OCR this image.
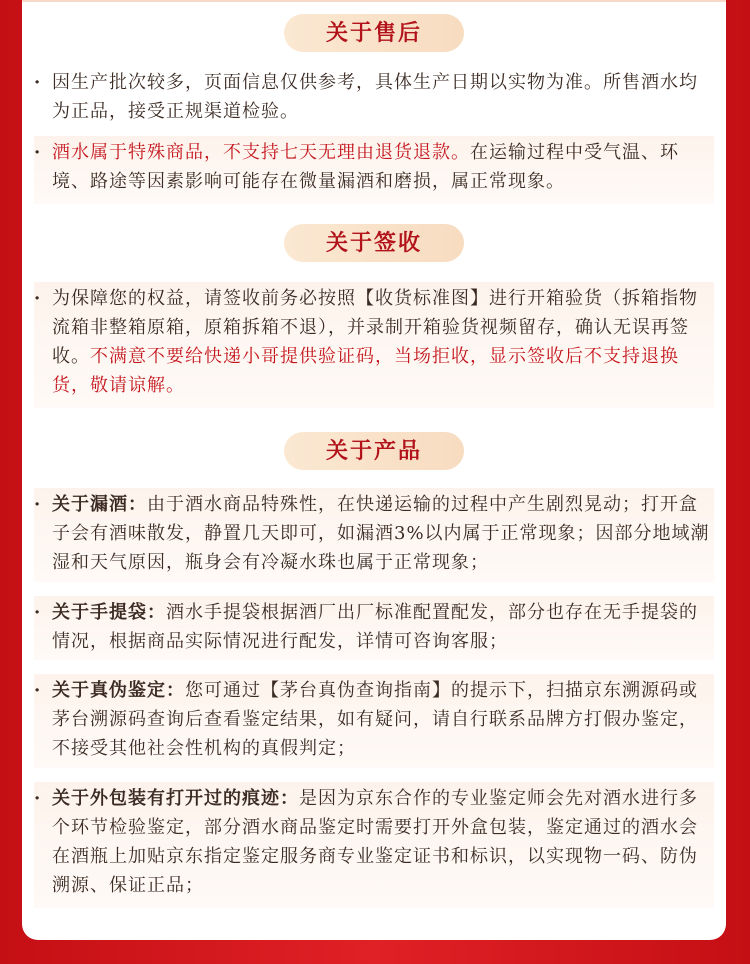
关于售后
· 因生产批次较多，页面信息仅供参考，具体生产日期以实物为准。所售酒水均为正品，接受正规渠道检验。
· 酒水属于特殊商品，不支持七天无理由退货退款。在运输过程中受气温、环境、路途等因素影响可能存在微量漏酒和磨损，属正常现象。
关于签收
· 为保障您的权益，请签收前务必按照【收货标准图】进行开箱验货（拆箱指物流箱非整箱原箱，原箱拆箱不退），并录制开箱验货视频留存，确认无误再签收。不满意不要给快递小哥提供验证码，当场拒收，显示签收后不支持退换货，敬请谅解。
关于产品
· 关于漏酒：由于酒水商品特殊性，在快递运输的过程中产生剧烈晃动；打开盒子会有酒味散发，静置几天即可，如漏酒3%以内属于正常现象；因部分地域潮湿和天气原因，瓶身会有冷凝水珠也属于正常现象；
· 关于手提袋：酒水手提袋根据酒厂出厂标准配置配发，部分也存在无手提袋的情况，根据商品实际情况进行配发，详情可咨询客服；
· 关于真伪鉴定：您可通过【茅台真伪查询指南】的提示下，扫描京东溯源码或茅台溯源码查询后查看鉴定结果，如有疑问，请自行联系品牌方打假办鉴定，不接受其他社会性机构的真假判定；
· 关于外包装有打开过的痕迹：是因为京东合作的专业鉴定师会先对酒水进行多个环节检验鉴定，部分酒水商品鉴定时需要打开外盒包装，鉴定通过的酒水会在酒瓶上加贴京东指定鉴定服务商专业鉴定证书和标识，以实现物一码、防伪溯源、保证正品；
